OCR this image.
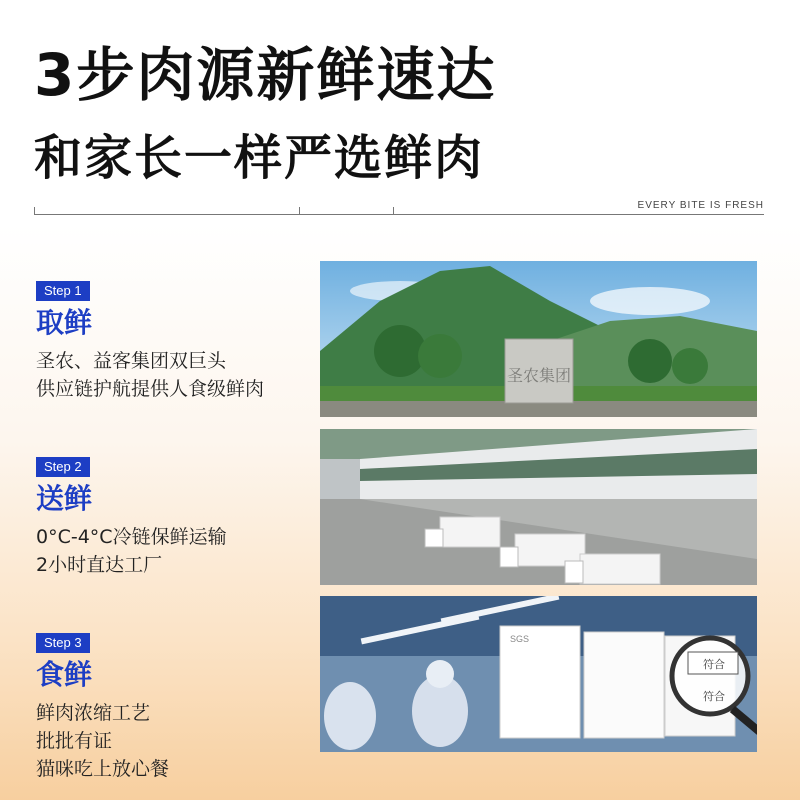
3步肉源新鲜速达
和家长一样严选鲜肉
EVERY BITE IS FRESH
Step 1
取鲜
圣农、益客集团双巨头
供应链护航提供人食级鲜肉
圣农集团
Step 2
送鲜
0°C-4°C冷链保鲜运输
2小时直达工厂
Step 3
食鲜
鲜肉浓缩工艺
批批有证
猫咪吃上放心餐
SGS
符合
符合
